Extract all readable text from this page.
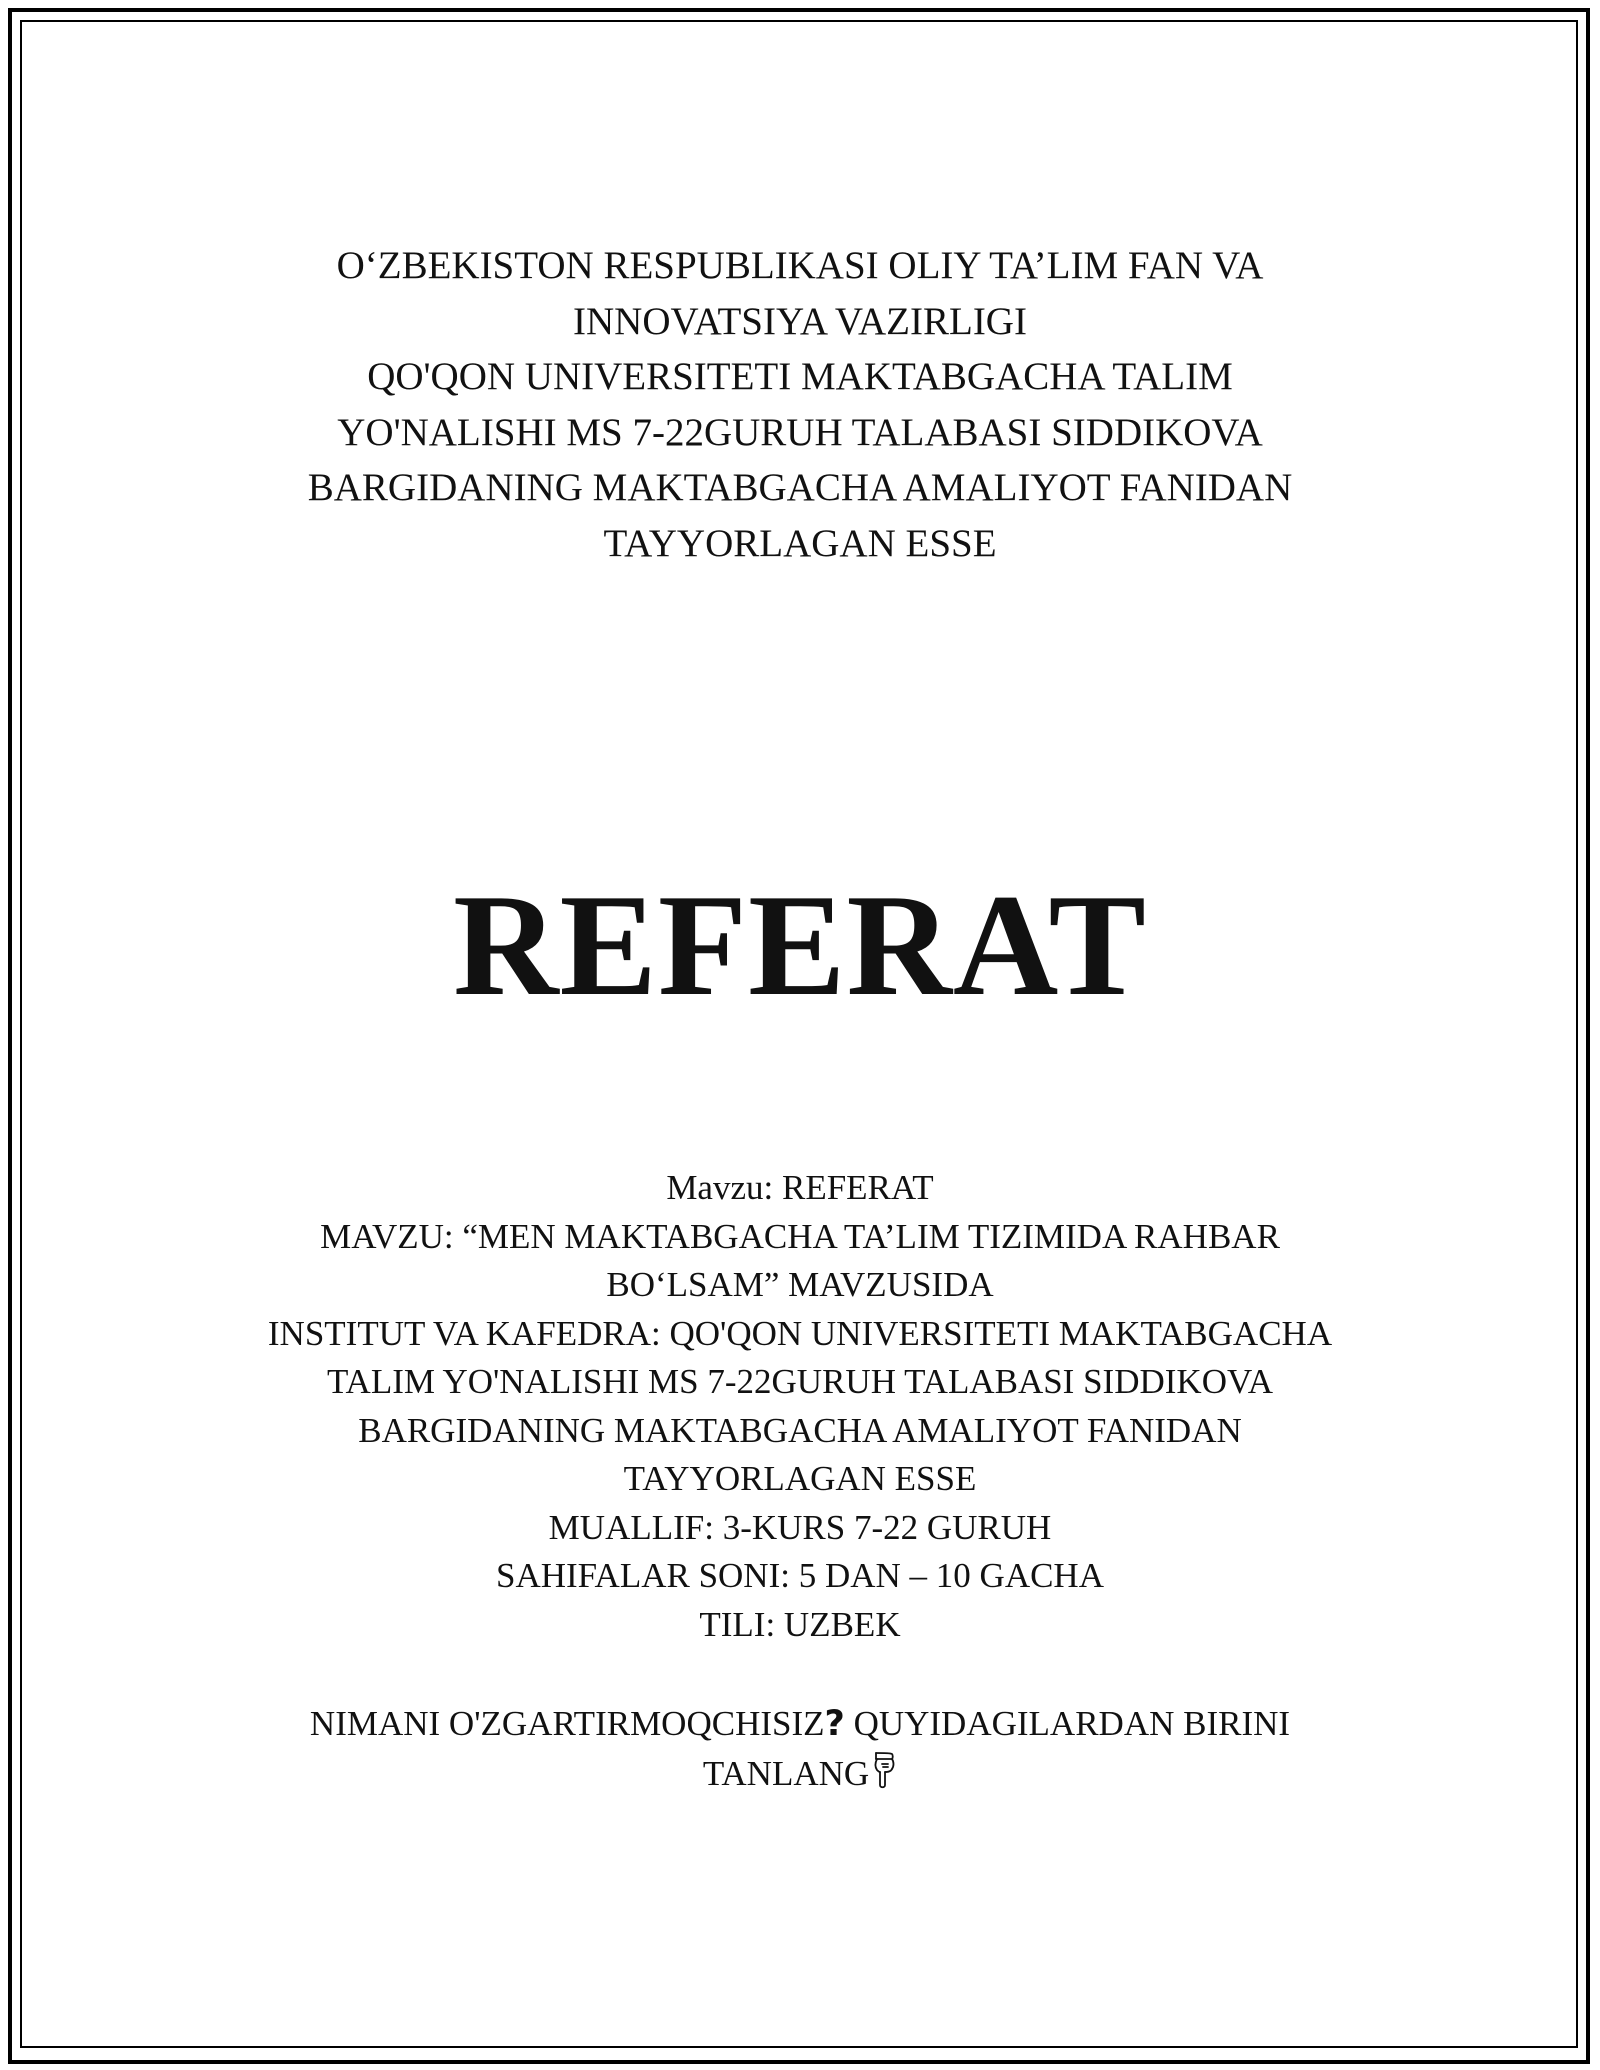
O‘ZBEKISTON RESPUBLIKASI OLIY TA’LIM FAN VA
INNOVATSIYA VAZIRLIGI
QO'QON UNIVERSITETI MAKTABGACHA TALIM
YO'NALISHI MS 7-22GURUH TALABASI SIDDIKOVA
BARGIDANING MAKTABGACHA AMALIYOT FANIDAN
TAYYORLAGAN ESSE
REFERAT
Mavzu: REFERAT
MAVZU: “MEN MAKTABGACHA TA’LIM TIZIMIDA RAHBAR
BO‘LSAM” MAVZUSIDA
INSTITUT VA KAFEDRA: QO'QON UNIVERSITETI MAKTABGACHA
TALIM YO'NALISHI MS 7-22GURUH TALABASI SIDDIKOVA
BARGIDANING MAKTABGACHA AMALIYOT FANIDAN
TAYYORLAGAN ESSE
MUALLIF: 3-KURS 7-22 GURUH
SAHIFALAR SONI: 5 DAN – 10 GACHA
TILI: UZBEK
NIMANI O'ZGARTIRMOQCHISIZ? QUYIDAGILARDAN BIRINI
TANLANG
